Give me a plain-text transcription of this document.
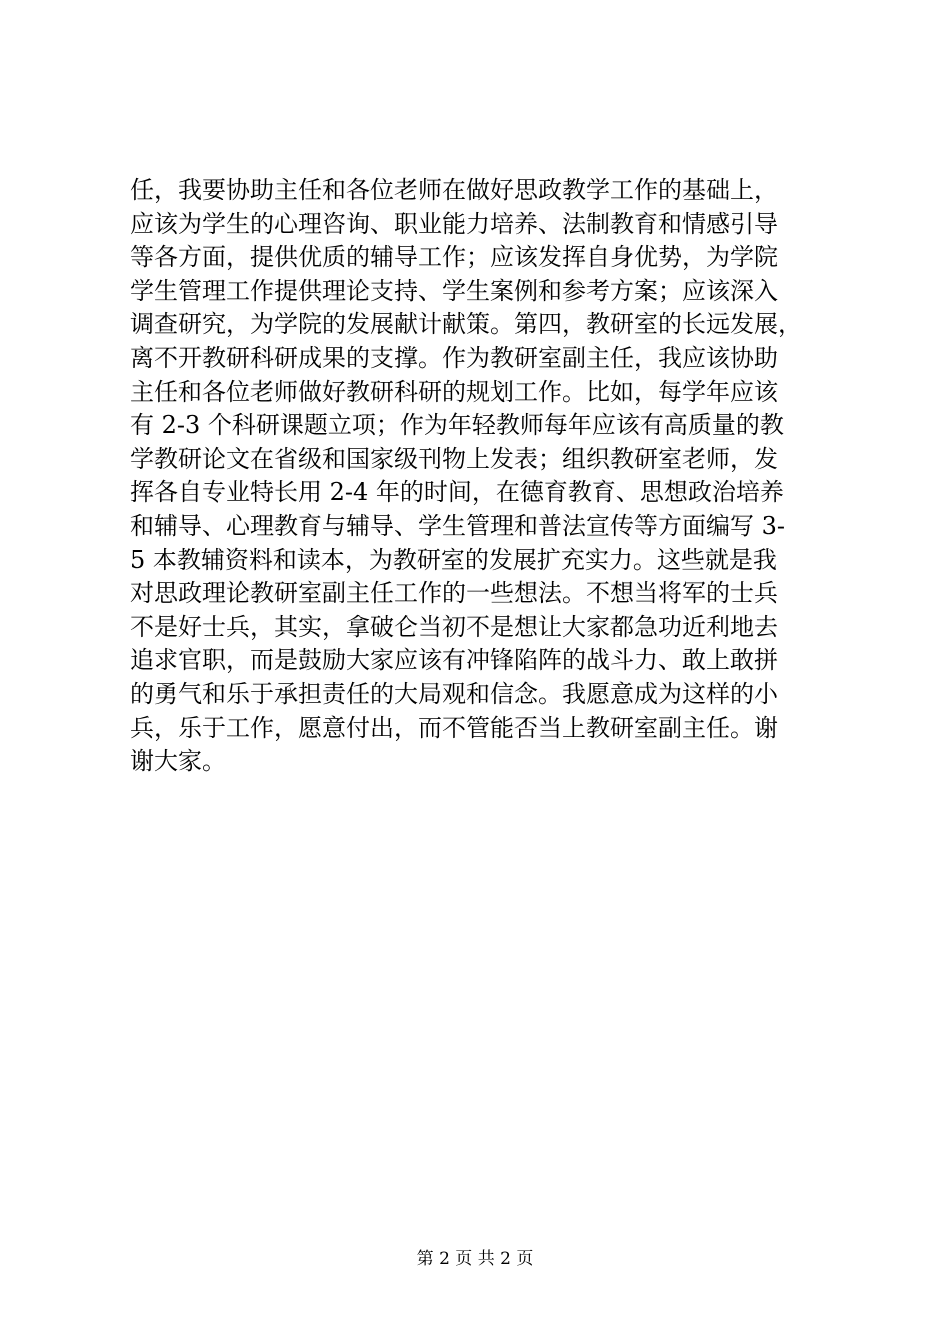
任，我要协助主任和各位老师在做好思政教学工作的基础上，
应该为学生的心理咨询、职业能力培养、法制教育和情感引导
等各方面，提供优质的辅导工作；应该发挥自身优势，为学院
学生管理工作提供理论支持、学生案例和参考方案；应该深入
调查研究，为学院的发展献计献策。第四，教研室的长远发展，
离不开教研科研成果的支撑。作为教研室副主任，我应该协助
主任和各位老师做好教研科研的规划工作。比如，每学年应该
有 2-3 个科研课题立项；作为年轻教师每年应该有高质量的教
学教研论文在省级和国家级刊物上发表；组织教研室老师，发
挥各自专业特长用 2-4 年的时间，在德育教育、思想政治培养
和辅导、心理教育与辅导、学生管理和普法宣传等方面编写 3-
5 本教辅资料和读本，为教研室的发展扩充实力。这些就是我
对思政理论教研室副主任工作的一些想法。不想当将军的士兵
不是好士兵，其实，拿破仑当初不是想让大家都急功近利地去
追求官职，而是鼓励大家应该有冲锋陷阵的战斗力、敢上敢拼
的勇气和乐于承担责任的大局观和信念。我愿意成为这样的小
兵，乐于工作，愿意付出，而不管能否当上教研室副主任。谢
谢大家。
第 2 页 共 2 页
